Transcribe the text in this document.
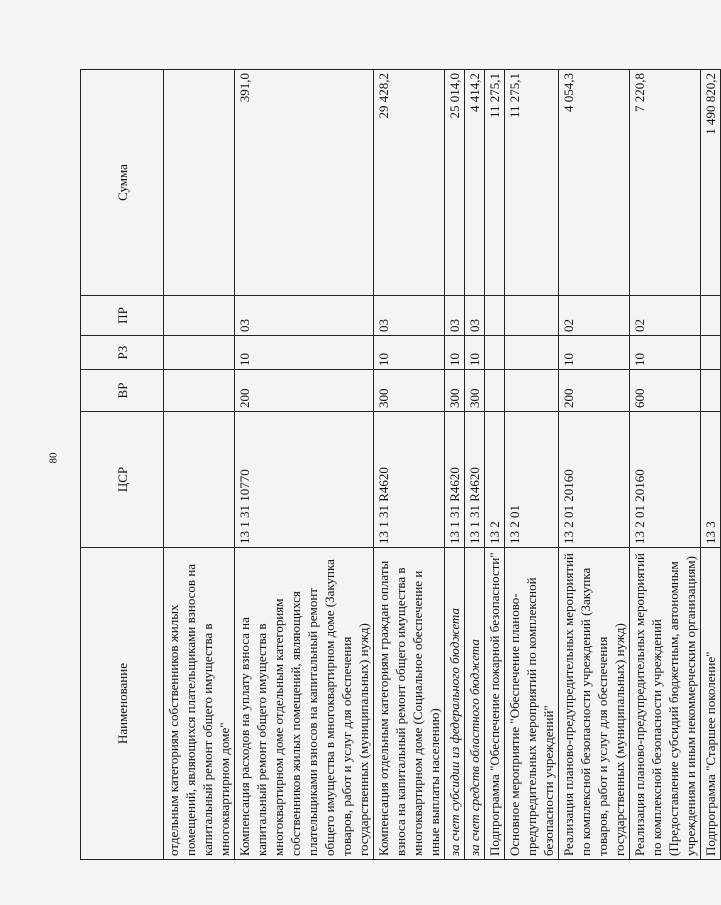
80
Наименование	ЦСР	ВР	РЗ	ПР	Сумма
отдельным категориям собственников жилых помещений, являющихся плательщиками взносов на капитальный ремонт общего имущества в многоквартирном доме"					
Компенсация расходов на уплату взноса на капитальный ремонт общего имущества в многоквартирном доме отдельным категориям собственников жилых помещений, являющихся плательщиками взносов на капитальный ремонт общего имущества в многоквартирном доме (Закупка товаров, работ и услуг для обеспечения государственных (муниципальных) нужд)	13 1 31 10770	200	10	03	391,0
Компенсация отдельным категориям граждан оплаты взноса на капитальный ремонт общего имущества в многоквартирном доме (Социальное обеспечение и иные выплаты населению)	13 1 31 R4620	300	10	03	29 428,2
за счет субсидии из федерального бюджета	13 1 31 R4620	300	10	03	25 014,0
за счет средств областного бюджета	13 1 31 R4620	300	10	03	4 414,2
Подпрограмма "Обеспечение пожарной безопасности"	13 2				11 275,1
Основное мероприятие "Обеспечение планово-предупредительных мероприятий по комплексной безопасности учреждений"	13 2 01				11 275,1
Реализация планово-предупредительных мероприятий по комплексной безопасности учреждений (Закупка товаров, работ и услуг для обеспечения государственных (муниципальных) нужд)	13 2 01 20160	200	10	02	4 054,3
Реализация планово-предупредительных мероприятий по комплексной безопасности учреждений (Предоставление субсидий бюджетным, автономным учреждениям и иным некоммерческим организациям)	13 2 01 20160	600	10	02	7 220,8
Подпрограмма "Старшее поколение"	13 3				1 490 820,2
